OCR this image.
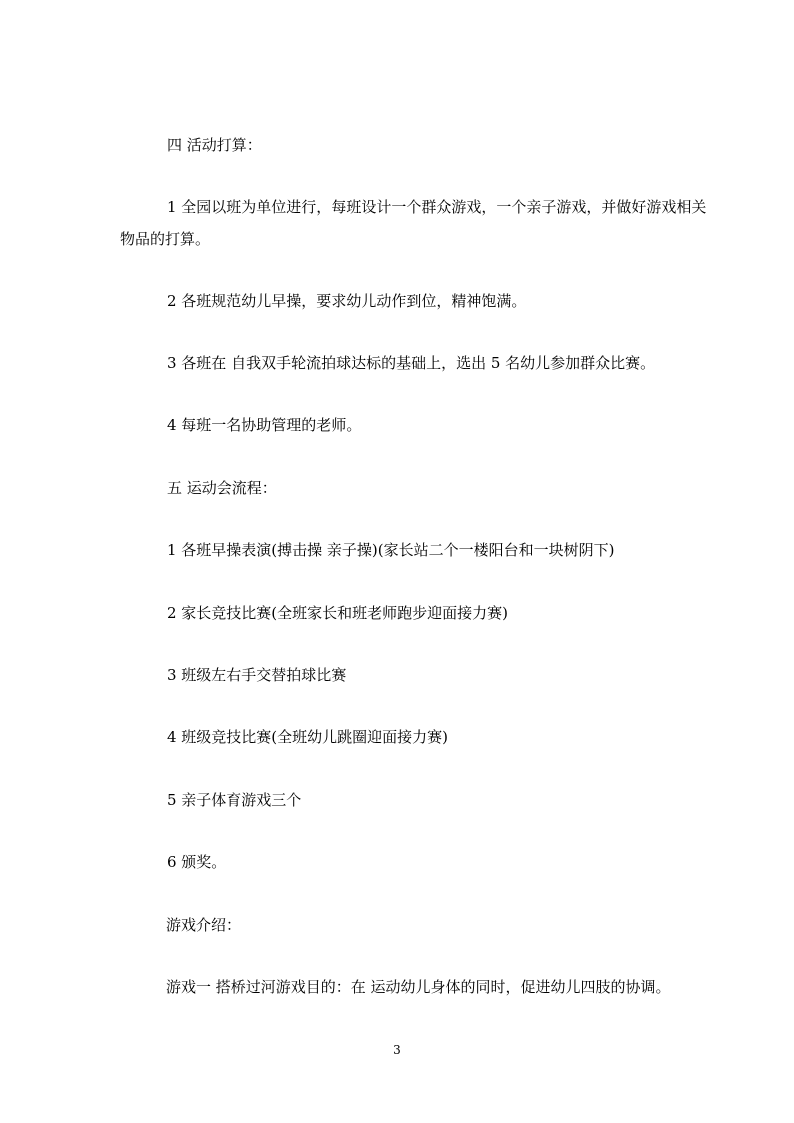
四 活动打算：

1 全园以班为单位进行，每班设计一个群众游戏，一个亲子游戏，并做好游戏相关物品的打算。

2 各班规范幼儿早操，要求幼儿动作到位，精神饱满。

3 各班在 自我双手轮流拍球达标的基础上，选出 5 名幼儿参加群众比赛。

4 每班一名协助管理的老师。

五 运动会流程：

1 各班早操表演(搏击操 亲子操)(家长站二个一楼阳台和一块树阴下)

2 家长竞技比赛(全班家长和班老师跑步迎面接力赛)

3 班级左右手交替拍球比赛

4 班级竞技比赛(全班幼儿跳圈迎面接力赛)

5 亲子体育游戏三个

6 颁奖。

游戏介绍：

游戏一 搭桥过河游戏目的：在 运动幼儿身体的同时，促进幼儿四肢的协调。

3
